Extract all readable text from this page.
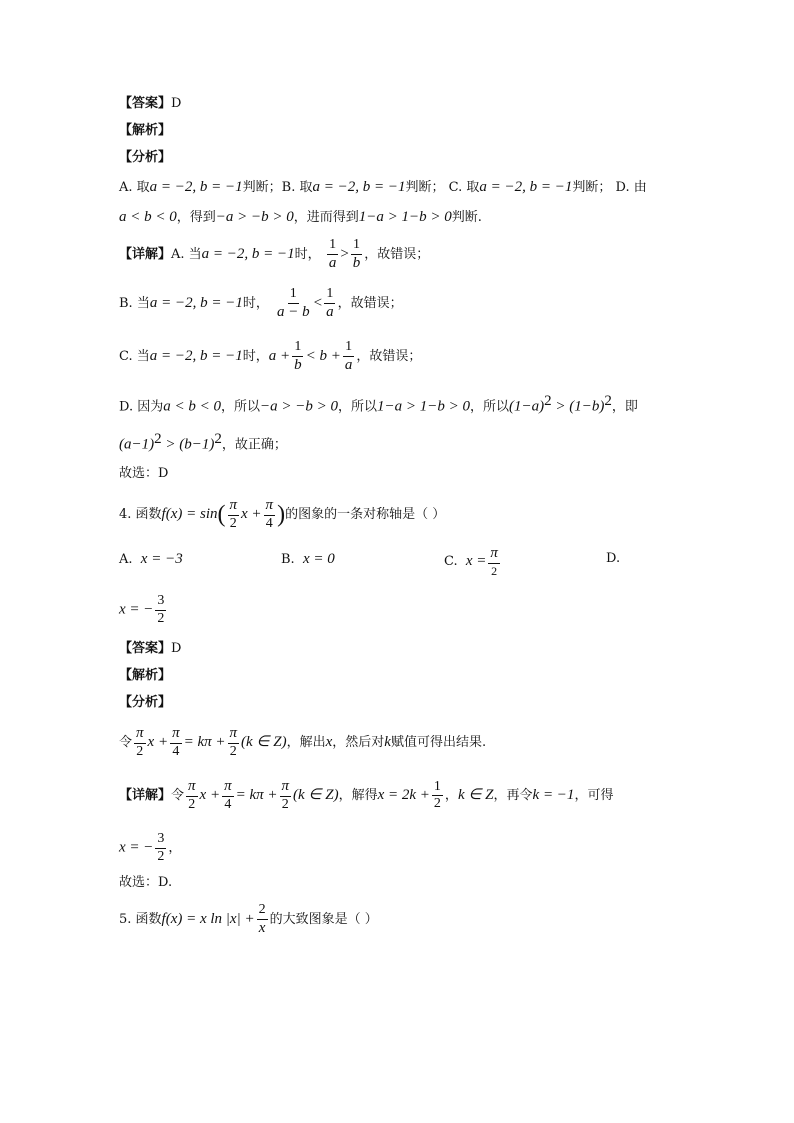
【答案】D
【解析】
【分析】
A. 取a = −2, b = −1判断；B. 取a = −2, b = −1判断； C. 取a = −2, b = −1判断； D. 由
a < b < 0，得到−a > −b > 0，进而得到1−a > 1−b > 0判断.
【详解】A. 当a = −2, b = −1时， $\frac{1}{a} > \frac{1}{b}$ ，故错误；
B. 当a = −2, b = −1时， $\frac{1}{a - b} < \frac{1}{a}$ ，故错误；
C. 当a = −2, b = −1时，$a + \frac{1}{b} < b + \frac{1}{a}$ ，故错误；
D. 因为a < b < 0，所以−a > −b > 0，所以1−a > 1−b > 0，所以$(1-a)^2 > (1-b)^2$，即
$(a-1)^2 > (b-1)^2$，故正确；
故选：D
4. 函数$f(x) = \sin( \frac{\pi}{2}$ $x + \frac{\pi}{4}$ )的图象的一条对称轴是（ ）
A. x = −3	B. x = 0	C. $x = \frac{\pi}{2}$	D.
x = − $\frac{3}{2}$
【答案】D
【解析】
【分析】
令 $\frac{\pi}{2}$ $x + \frac{\pi}{4} = k\pi + \frac{\pi}{2} (k$ ∈ Z)，解出x，然后对k赋值可得出结果.
【详解】令 $\frac{\pi}{2}$ $x + \frac{\pi}{4} = k\pi + \frac{\pi}{2} (k$ ∈ Z)，解得$x = 2k + \frac{1}{2}$ ，k ∈ Z，再令k = −1，可得
x = − $\frac{3}{2}$ ，
故选：D.
5. 函数f(x) = x $\ln |x| + \frac{2}{x}$ 的大致图象是（ ）
